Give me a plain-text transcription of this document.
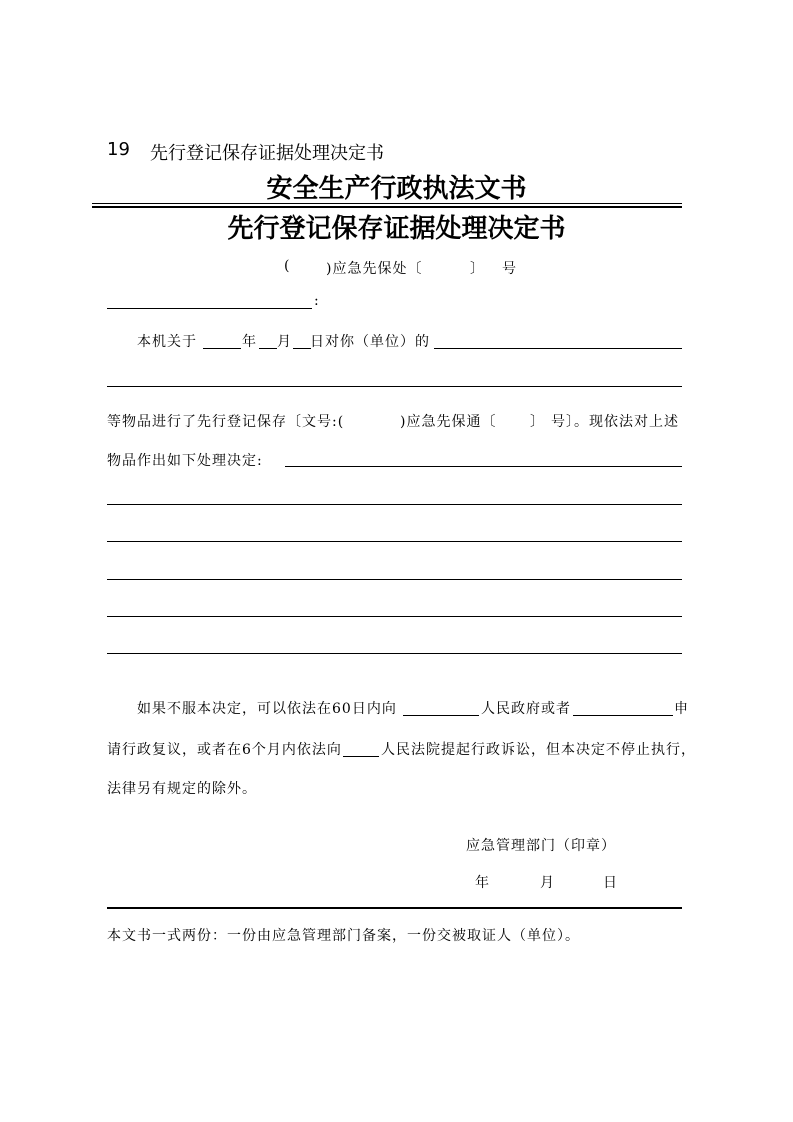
19 先行登记保存证据处理决定书
安全生产行政执法文书
先行登记保存证据处理决定书
(	)应急先保处〔	〕 号
:
本机关于	年 月 日对你（单位）的
等物品进行了先行登记保存〔文号:(	)应急先保通〔 〕 号〕。现依法对上述
物品作出如下处理决定:
如果不服本决定，可以依法在60日内向	人民政府或者	申
请行政复议，或者在6个月内依法向	人民法院提起行政诉讼，但本决定不停止执行，
法律另有规定的除外。
应急管理部门（印章）
年	月	日
本文书一式两份：一份由应急管理部门备案，一份交被取证人（单位）。
